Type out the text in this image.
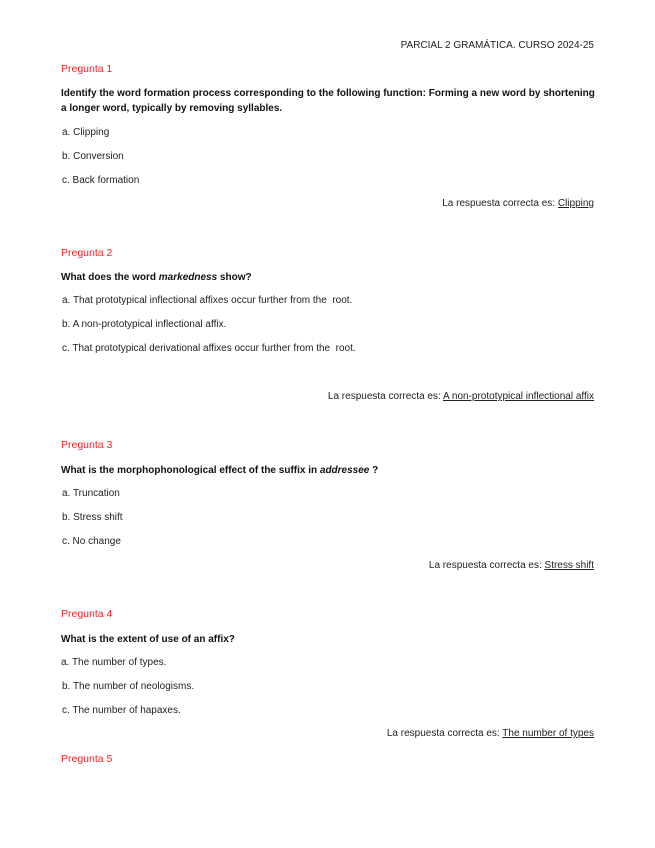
PARCIAL 2 GRAMÁTICA. CURSO 2024-25
Pregunta 1
Identify the word formation process corresponding to the following function: Forming a new word by shortening a longer word, typically by removing syllables.
a. Clipping
b. Conversion
c. Back formation
La respuesta correcta es: Clipping
Pregunta 2
What does the word markedness show?
a. That prototypical inflectional affixes occur further from the  root.
b. A non-prototypical inflectional affix.
c. That prototypical derivational affixes occur further from the  root.
La respuesta correcta es: A non-prototypical inflectional affix
Pregunta 3
What is the morphophonological effect of the suffix in addressee ?
a. Truncation
b. Stress shift
c. No change
La respuesta correcta es: Stress shift
Pregunta 4
What is the extent of use of an affix?
a. The number of types.
b. The number of neologisms.
c. The number of hapaxes.
La respuesta correcta es: The number of types
Pregunta 5
